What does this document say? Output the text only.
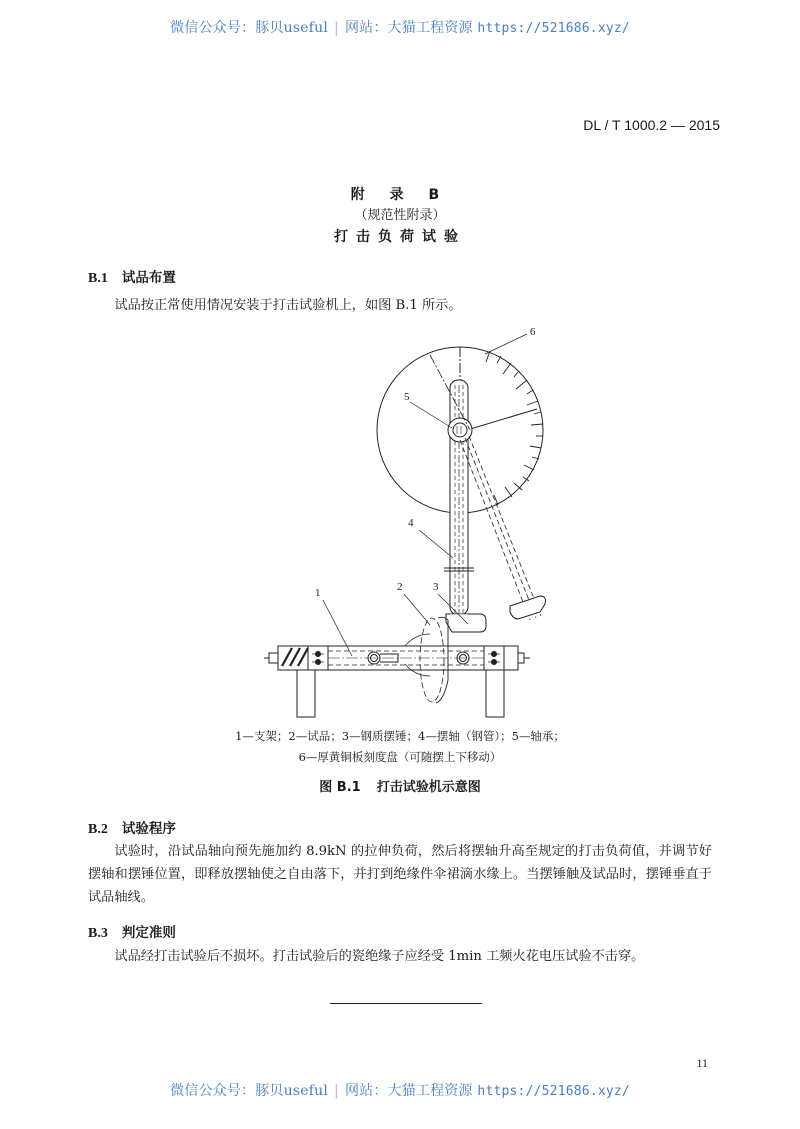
微信公众号：豚贝useful | 网站：大猫工程资源 https://521686.xyz/
DL / T 1000.2 — 2015
附 录 B
（规范性附录）
打击负荷试验
B.1 试品布置
试品按正常使用情况安装于打击试验机上，如图 B.1 所示。
1	2	3
4
5
6
1—支架；2—试品；3—钢质摆锤；4—摆轴（钢管）；5—轴承；
6—厚黄铜板刻度盘（可随摆上下移动）
图 B.1 打击试验机示意图
B.2 试验程序
试验时，沿试品轴向预先施加约 8.9kN 的拉伸负荷，然后将摆轴升高至规定的打击负荷值，并调节好摆轴和摆锤位置，即释放摆轴使之自由落下，并打到绝缘件伞裙滴水缘上。当摆锤触及试品时，摆锤垂直于试品轴线。
B.3 判定准则
试品经打击试验后不损坏。打击试验后的瓷绝缘子应经受 1min 工频火花电压试验不击穿。
11
微信公众号：豚贝useful | 网站：大猫工程资源 https://521686.xyz/
